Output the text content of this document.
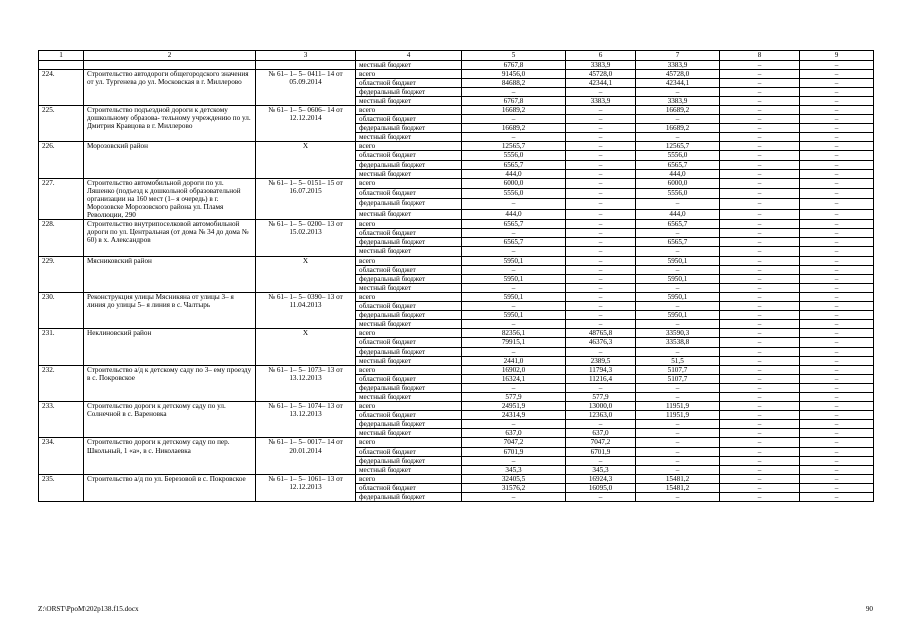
1	2	3	4	5	6	7	8	9
			местный бюджет	6767,8	3383,9	3383,9	–	–
224.	Строительство автодороги общегородского значения от ул. Тургенева до ул. Московская в г. Миллерово	№ 61– 1– 5– 0411– 14 от 05.09.2014	всего	91456,0	45728,0	45728,0	–	–
			областной бюджет	84688,2	42344,1	42344,1	–	–
			федеральный бюджет	–	–	–	–	–
			местный бюджет	6767,8	3383,9	3383,9	–	–
225.	Строительство подъездной дороги к детскому дошкольному образова- тельному учреждению по ул. Дмитрия Кравцова в г. Миллерово	№ 61– 1– 5– 0606– 14 от 12.12.2014	всего	16689,2	–	16689,2	–	–
			областной бюджет	–	–	–	–	–
			федеральный бюджет	16689,2	–	16689,2	–	–
			местный бюджет	–	–	–	–	–
226.	Морозовский район	Х	всего	12565,7	–	12565,7	–	–
			областной бюджет	5556,0	–	5556,0	–	–
			федеральный бюджет	6565,7	–	6565,7	–	–
			местный бюджет	444,0	–	444,0	–	–
227.	Строительство автомобильной дороги по ул. Ляшенко (подъезд к дошкольной образовательной организации на 160 мест (1– я очередь) в г. Морозовске Морозовского района ул. Пламя Революции, 290	№ 61– 1– 5– 0151– 15 от 16.07.2015	всего	6000,0	–	6000,0	–	–
			областной бюджет	5556,0	–	5556,0	–	–
			федеральный бюджет	–	–	–	–	–
			местный бюджет	444,0	–	444,0	–	–
228.	Строительство внутрипоселковой автомобильной дороги по ул. Центральная (от дома № 34 до дома № 60) в х. Александров	№ 61– 1– 5– 0200– 13 от 15.02.2013	всего	6565,7	–	6565,7	–	–
			областной бюджет	–	–	–	–	–
			федеральный бюджет	6565,7	–	6565,7	–	–
			местный бюджет	–	–	–	–	–
229.	Мясниковский район	Х	всего	5950,1	–	5950,1	–	–
			областной бюджет	–	–	–	–	–
			федеральный бюджет	5950,1	–	5950,1	–	–
			местный бюджет	–	–	–	–	–
230.	Реконструкция улицы Мясникяна от улицы 3– я линия до улицы 5– я линия в с. Чалтырь	№ 61– 1– 5– 0390– 13 от 11.04.2013	всего	5950,1	–	5950,1	–	–
			областной бюджет	–	–	–	–	–
			федеральный бюджет	5950,1	–	5950,1	–	–
			местный бюджет	–	–	–	–	–
231.	Неклиновский район	Х	всего	82356,1	48765,8	33590,3	–	–
			областной бюджет	79915,1	46376,3	33538,8	–	–
			федеральный бюджет	–	–	–	–	–
			местный бюджет	2441,0	2389,5	51,5	–	–
232.	Строительство а/д к детскому саду по 3– ему проезду в с. Покровское	№ 61– 1– 5– 1073– 13 от 13.12.2013	всего	16902,0	11794,3	5107,7	–	–
			областной бюджет	16324,1	11216,4	5107,7	–	–
			федеральный бюджет	–	–	–	–	–
			местный бюджет	577,9	577,9	–	–	–
233.	Строительство дороги к детскому саду по ул. Солнечной в с. Вареновка	№ 61– 1– 5– 1074– 13 от 13.12.2013	всего	24951,9	13000,0	11951,9	–	–
			областной бюджет	24314,9	12363,0	11951,9	–	–
			федеральный бюджет	–	–	–	–	–
			местный бюджет	637,0	637,0	–	–	–
234.	Строительство дороги к детскому саду по пер. Школьный, 1 «а», в с. Николаевка	№ 61– 1– 5– 0017– 14 от 20.01.2014	всего	7047,2	7047,2	–	–	–
			областной бюджет	6701,9	6701,9	–	–	–
			федеральный бюджет	–	–	–	–	–
			местный бюджет	345,3	345,3	–	–	–
235.	Строительство а/д по ул. Березовой в с. Покровское	№ 61– 1– 5– 1061– 13 от 12.12.2013	всего	32405,5	16924,3	15481,2	–	–
			областной бюджет	31576,2	16095,0	15481,2	–	–
			федеральный бюджет	–	–	–	–	–
Z:\ORST\PpoM\202p138.f15.docx	90
